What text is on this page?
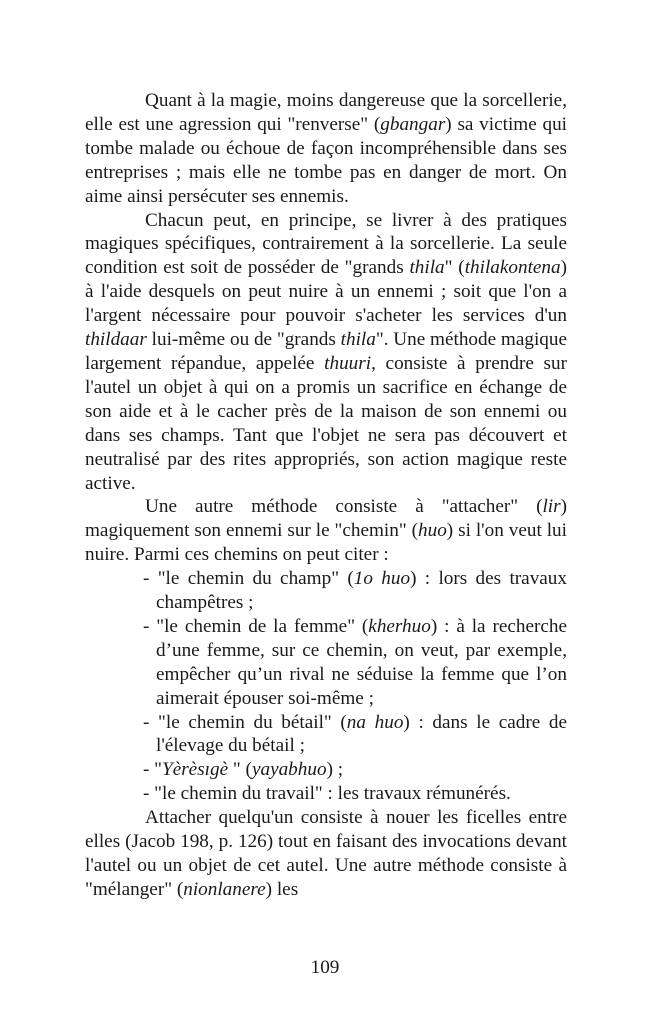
Quant à la magie, moins dangereuse que la sorcellerie, elle est une agression qui "renverse" (gbangar) sa victime qui tombe malade ou échoue de façon incompréhensible dans ses entreprises ; mais elle ne tombe pas en danger de mort. On aime ainsi persécuter ses ennemis.

Chacun peut, en principe, se livrer à des pratiques magiques spécifiques, contrairement à la sorcellerie. La seule condition est soit de posséder de "grands thila" (thilakontena) à l'aide desquels on peut nuire à un ennemi ; soit que l'on a l'argent nécessaire pour pouvoir s'acheter les services d'un thildaar lui-même ou de "grands thila". Une méthode magique largement répandue, appelée thuuri, consiste à prendre sur l'autel un objet à qui on a promis un sacrifice en échange de son aide et à le cacher près de la maison de son ennemi ou dans ses champs. Tant que l'objet ne sera pas découvert et neutralisé par des rites appropriés, son action magique reste active.

Une autre méthode consiste à "attacher" (lir) magiquement son ennemi sur le "chemin" (huo) si l'on veut lui nuire. Parmi ces chemins on peut citer :

- "le chemin du champ" (1o huo) : lors des travaux champêtres ;
- "le chemin de la femme" (kherhuo) : à la recherche d’une femme, sur ce chemin, on veut, par exemple, empêcher qu’un rival ne séduise la femme que l’on aimerait épouser soi-même ;
- "le chemin du bétail" (na huo) : dans le cadre de l'élevage du bétail ;
- "Yèrèsıgè " (yayabhuo) ;
- "le chemin du travail" : les travaux rémunérés.

Attacher quelqu'un consiste à nouer les ficelles entre elles (Jacob 198, p. 126) tout en faisant des invocations devant l'autel ou un objet de cet autel. Une autre méthode consiste à "mélanger" (nionlanere) les

109
